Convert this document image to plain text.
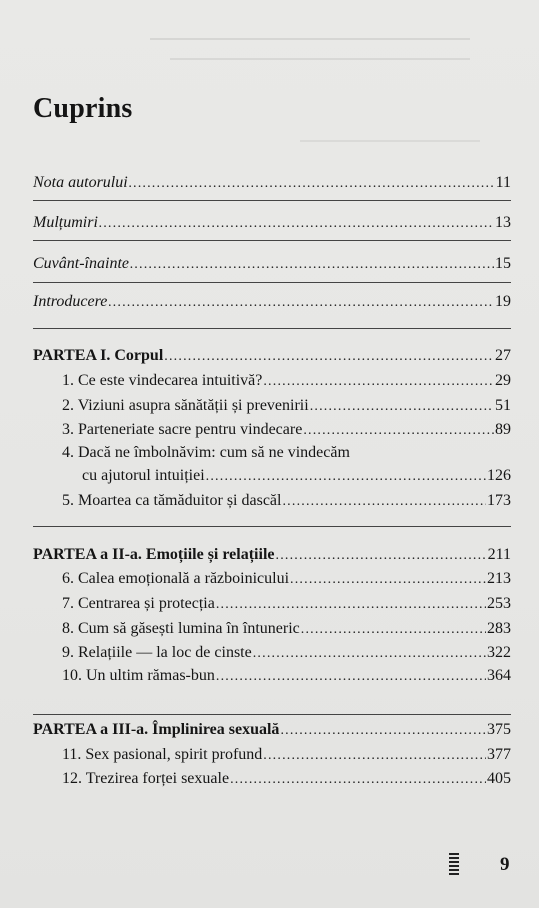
Cuprins
Nota autorului .....	11
Mulțumiri .....	13
Cuvânt-înainte .....	15
Introducere .....	19
PARTEA I. Corpul .....	27
1. Ce este vindecarea intuitivă? .....	29
2. Viziuni asupra sănătății și prevenirii .....	51
3. Parteneriate sacre pentru vindecare .....	89
4. Dacă ne îmbolnăvim: cum să ne vindecăm
cu ajutorul intuiției .....	126
5. Moartea ca tămăduitor și dascăl .....	173
PARTEA a II-a. Emoțiile și relațiile .....	211
6. Calea emoțională a războinicului .....	213
7. Centrarea și protecția .....	253
8. Cum să găsești lumina în întuneric .....	283
9. Relațiile — la loc de cinste .....	322
10. Un ultim rămas-bun .....	364
PARTEA a III-a. Împlinirea sexuală .....	375
11. Sex pasional, spirit profund .....	377
12. Trezirea forței sexuale .....	405
9
